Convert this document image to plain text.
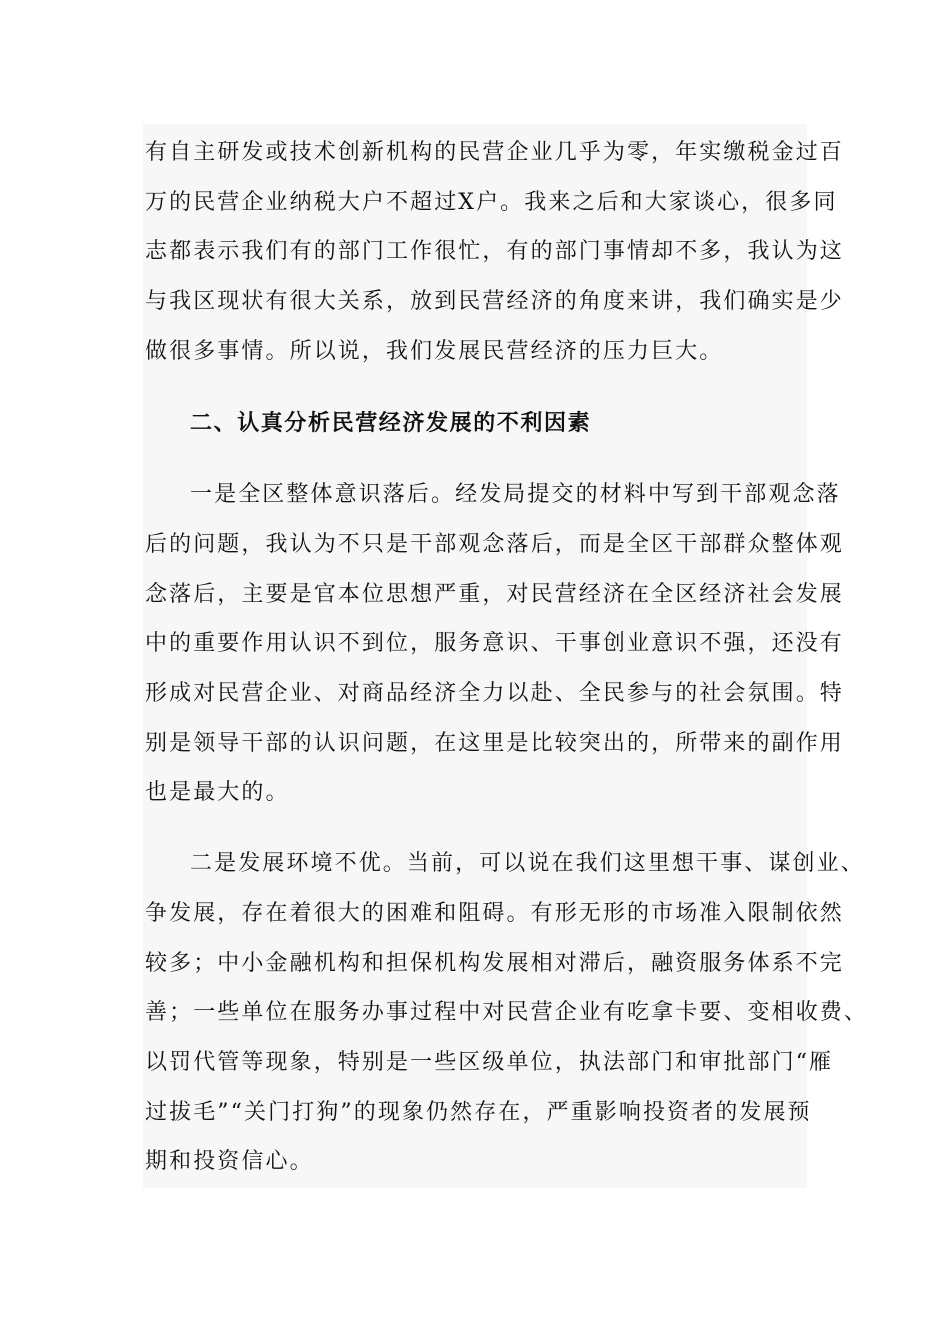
有自主研发或技术创新机构的民营企业几乎为零，年实缴税金过百
万的民营企业纳税大户不超过X户。我来之后和大家谈心，很多同
志都表示我们有的部门工作很忙，有的部门事情却不多，我认为这
与我区现状有很大关系，放到民营经济的角度来讲，我们确实是少
做很多事情。所以说，我们发展民营经济的压力巨大。
二、认真分析民营经济发展的不利因素
一是全区整体意识落后。经发局提交的材料中写到干部观念落
后的问题，我认为不只是干部观念落后，而是全区干部群众整体观
念落后，主要是官本位思想严重，对民营经济在全区经济社会发展
中的重要作用认识不到位，服务意识、干事创业意识不强，还没有
形成对民营企业、对商品经济全力以赴、全民参与的社会氛围。特
别是领导干部的认识问题，在这里是比较突出的，所带来的副作用
也是最大的。
二是发展环境不优。当前，可以说在我们这里想干事、谋创业、
争发展，存在着很大的困难和阻碍。有形无形的市场准入限制依然
较多；中小金融机构和担保机构发展相对滞后，融资服务体系不完
善；一些单位在服务办事过程中对民营企业有吃拿卡要、变相收费、
以罚代管等现象，特别是一些区级单位，执法部门和审批部门“雁
过拔毛”“关门打狗”的现象仍然存在，严重影响投资者的发展预
期和投资信心。
